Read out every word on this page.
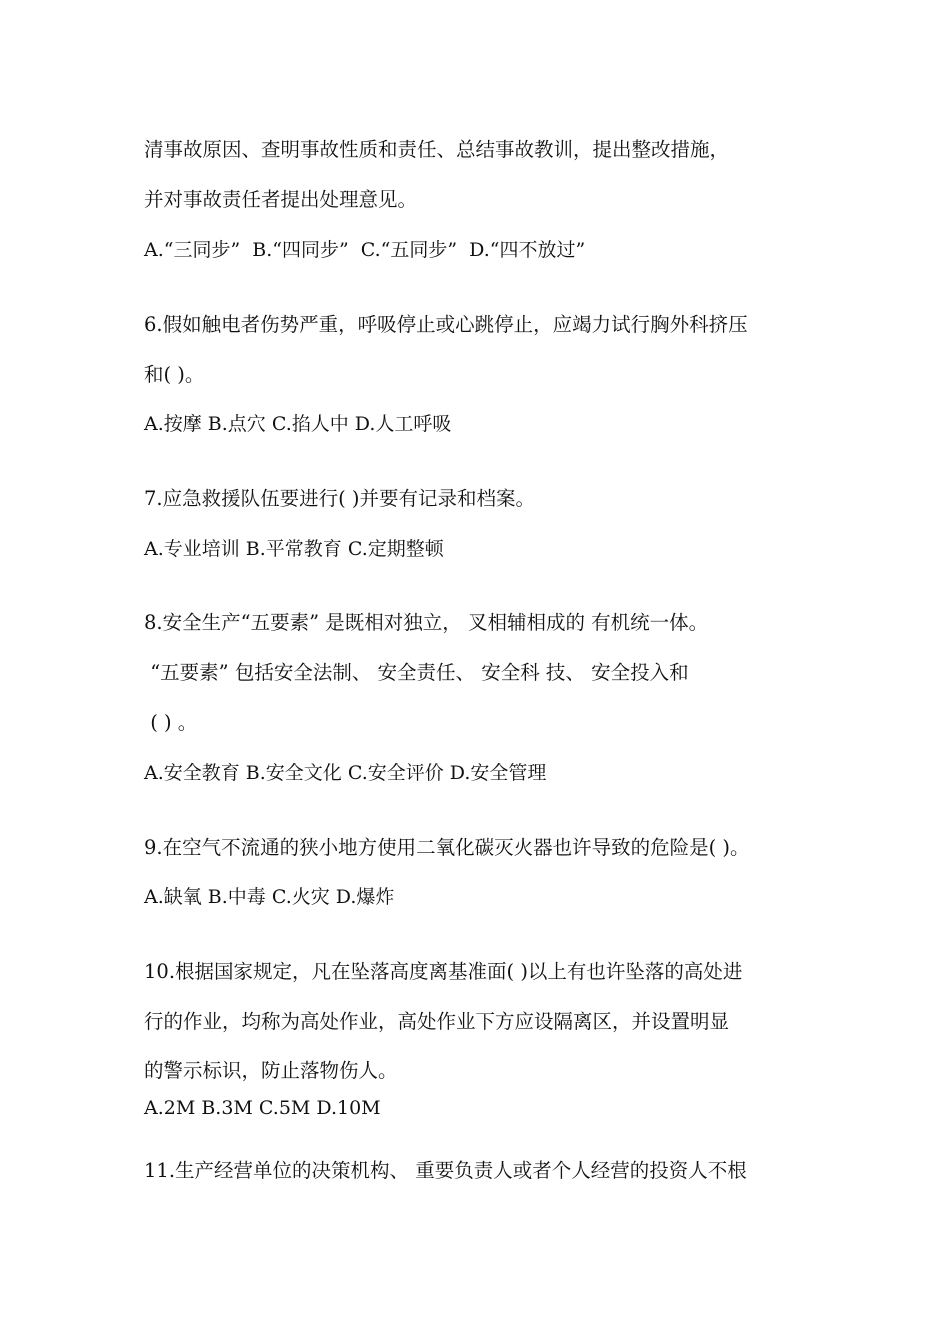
清事故原因、查明事故性质和责任、总结事故教训，提出整改措施，
并对事故责任者提出处理意见。
A.“三同步”  B.“四同步”  C.“五同步”  D.“四不放过”
6.假如触电者伤势严重，呼吸停止或心跳停止，应竭力试行胸外科挤压
和( )。
A.按摩 B.点穴 C.掐人中 D.人工呼吸
7.应急救援队伍要进行( )并要有记录和档案。
A.专业培训 B.平常教育 C.定期整顿
8.安全生产“五要素” 是既相对独立， 叉相辅相成的 有机统一体。
“五要素” 包括安全法制、 安全责任、 安全科 技、 安全投入和
( ) 。
A.安全教育 B.安全文化 C.安全评价 D.安全管理
9.在空气不流通的狭小地方使用二氧化碳灭火器也许导致的危险是( )。
A.缺氧 B.中毒 C.火灾 D.爆炸
10.根据国家规定，凡在坠落高度离基准面( )以上有也许坠落的高处进
行的作业，均称为高处作业，高处作业下方应设隔离区，并设置明显
的警示标识，防止落物伤人。
A.2M B.3M C.5M D.10M
11.生产经营单位的决策机构、 重要负责人或者个人经营的投资人不根
